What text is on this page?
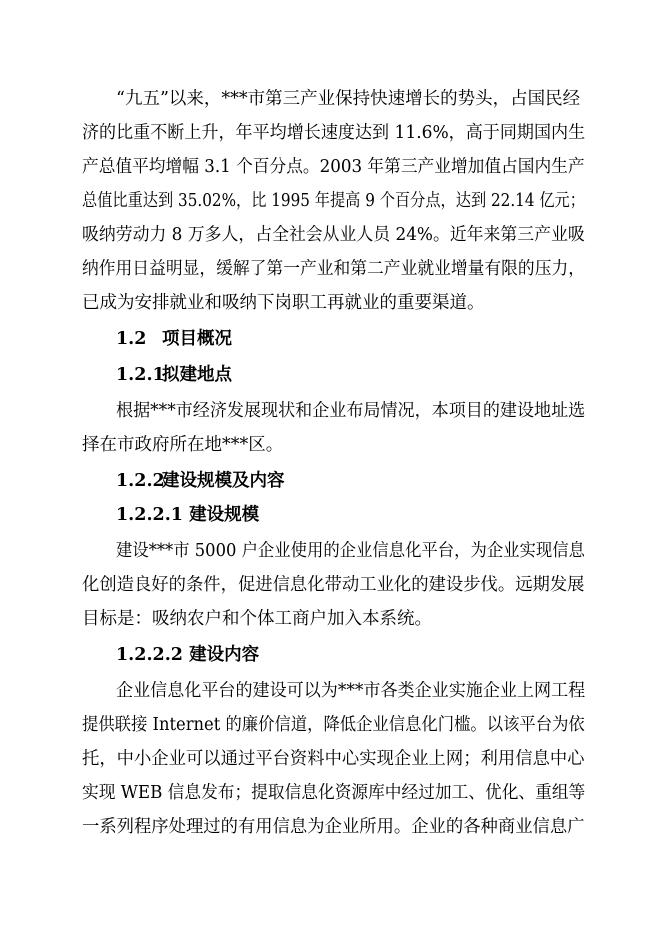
“九五”以来，***市第三产业保持快速增长的势头，占国民经
济的比重不断上升，年平均增长速度达到 11.6%，高于同期国内生
产总值平均增幅 3.1 个百分点。2003 年第三产业增加值占国内生产
总值比重达到 35.02%，比 1995 年提高 9 个百分点，达到 22.14 亿元；
吸纳劳动力 8 万多人，占全社会从业人员 24%。近年来第三产业吸
纳作用日益明显，缓解了第一产业和第二产业就业增量有限的压力，
已成为安排就业和吸纳下岗职工再就业的重要渠道。
1.2 项目概况
1.2.1拟建地点
根据***市经济发展现状和企业布局情况，本项目的建设地址选
择在市政府所在地***区。
1.2.2建设规模及内容
1.2.2.1 建设规模
建设***市 5000 户企业使用的企业信息化平台，为企业实现信息
化创造良好的条件，促进信息化带动工业化的建设步伐。远期发展
目标是：吸纳农户和个体工商户加入本系统。
1.2.2.2 建设内容
企业信息化平台的建设可以为***市各类企业实施企业上网工程
提供联接 Internet 的廉价信道，降低企业信息化门槛。以该平台为依
托，中小企业可以通过平台资料中心实现企业上网；利用信息中心
实现 WEB 信息发布；提取信息化资源库中经过加工、优化、重组等
一系列程序处理过的有用信息为企业所用。企业的各种商业信息广
